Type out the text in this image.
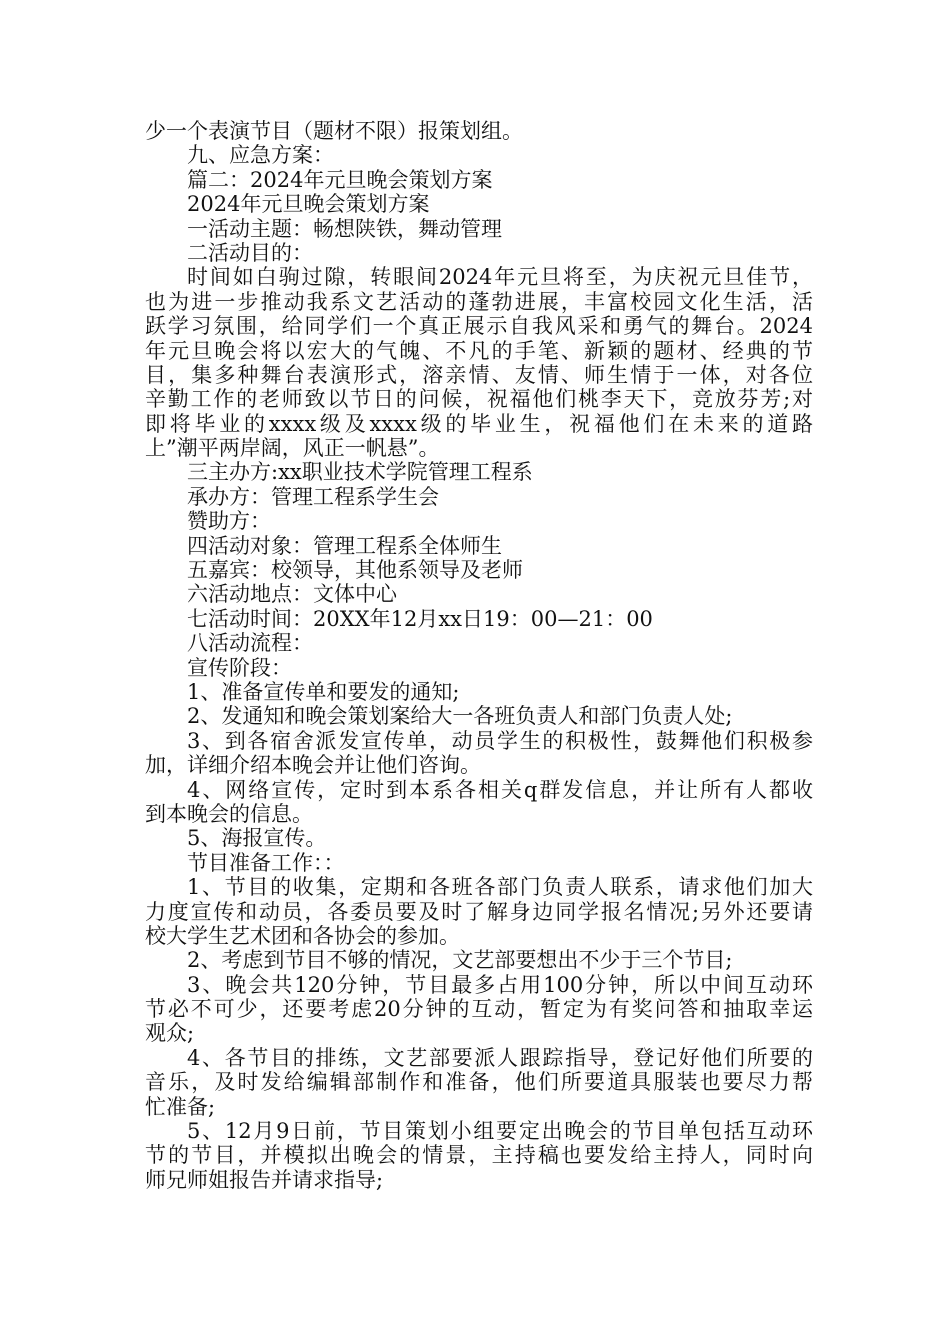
少一个表演节目（题材不限）报策划组。

九、应急方案：

篇二：2024年元旦晚会策划方案

2024年元旦晚会策划方案

一活动主题：畅想陕铁，舞动管理

二活动目的：

时间如白驹过隙，转眼间2024年元旦将至，为庆祝元旦佳节，

也为进一步推动我系文艺活动的蓬勃进展，丰富校园文化生活，活

跃学习氛围，给同学们一个真正展示自我风采和勇气的舞台。2024

年元旦晚会将以宏大的气魄、不凡的手笔、新颖的题材、经典的节

目，集多种舞台表演形式，溶亲情、友情、师生情于一体，对各位

辛勤工作的老师致以节日的问候，祝福他们桃李天下，竞放芬芳;对

即将毕业的xxxx级及xxxx级的毕业生，祝福他们在未来的道路

上”潮平两岸阔，风正一帆悬”。

三主办方:xx职业技术学院管理工程系

承办方：管理工程系学生会

赞助方：

四活动对象：管理工程系全体师生

五嘉宾：校领导，其他系领导及老师

六活动地点：文体中心

七活动时间：20XX年12月xx日19：00—21：00

八活动流程：

宣传阶段：

1、准备宣传单和要发的通知;

2、发通知和晚会策划案给大一各班负责人和部门负责人处;

3、到各宿舍派发宣传单，动员学生的积极性，鼓舞他们积极参

加，详细介绍本晚会并让他们咨询。

4、网络宣传，定时到本系各相关q群发信息，并让所有人都收

到本晚会的信息。

5、海报宣传。

节目准备工作：：

1、节目的收集，定期和各班各部门负责人联系，请求他们加大

力度宣传和动员，各委员要及时了解身边同学报名情况;另外还要请

校大学生艺术团和各协会的参加。

2、考虑到节目不够的情况，文艺部要想出不少于三个节目;

3、晚会共120分钟，节目最多占用100分钟，所以中间互动环

节必不可少，还要考虑20分钟的互动，暂定为有奖问答和抽取幸运

观众;

4、各节目的排练，文艺部要派人跟踪指导，登记好他们所要的

音乐，及时发给编辑部制作和准备，他们所要道具服装也要尽力帮

忙准备;

5、12月9日前，节目策划小组要定出晚会的节目单包括互动环

节的节目，并模拟出晚会的情景，主持稿也要发给主持人，同时向

师兄师姐报告并请求指导;
